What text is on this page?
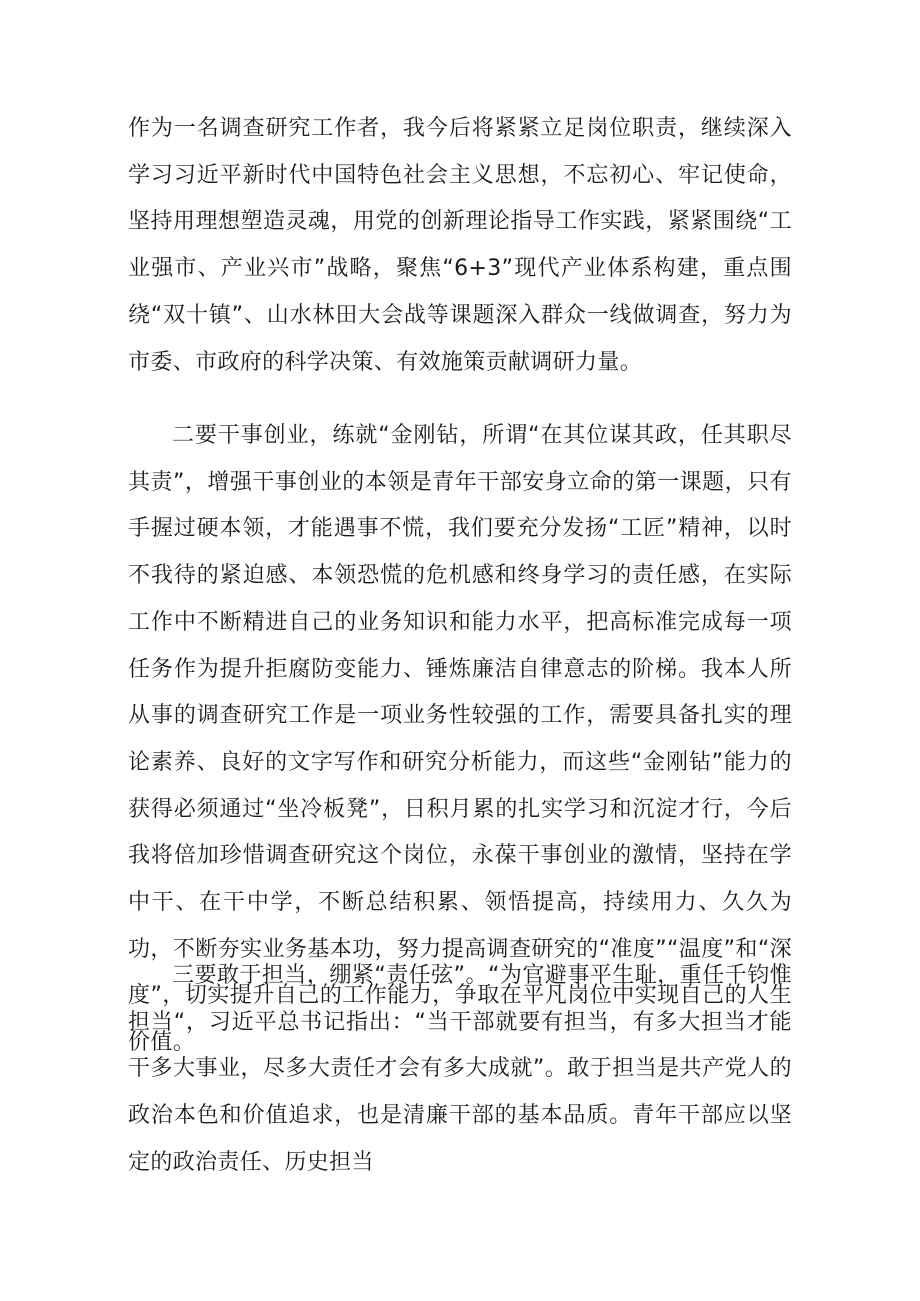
作为一名调查研究工作者，我今后将紧紧立足岗位职责，继续深入学习习近平新时代中国特色社会主义思想，不忘初心、牢记使命，坚持用理想塑造灵魂，用党的创新理论指导工作实践，紧紧围绕“工业强市、产业兴市”战略，聚焦“6+3”现代产业体系构建，重点围绕“双十镇”、山水林田大会战等课题深入群众一线做调查，努力为市委、市政府的科学决策、有效施策贡献调研力量。

二要干事创业，练就“金刚钻，所谓“在其位谋其政，任其职尽其责”，增强干事创业的本领是青年干部安身立命的第一课题，只有手握过硬本领，才能遇事不慌，我们要充分发扬“工匠”精神，以时不我待的紧迫感、本领恐慌的危机感和终身学习的责任感，在实际工作中不断精进自己的业务知识和能力水平，把高标准完成每一项任务作为提升拒腐防变能力、锤炼廉洁自律意志的阶梯。我本人所从事的调查研究工作是一项业务性较强的工作，需要具备扎实的理论素养、良好的文字写作和研究分析能力，而这些“金刚钻”能力的获得必须通过“坐冷板凳”，日积月累的扎实学习和沉淀才行，今后我将倍加珍惜调查研究这个岗位，永葆干事创业的激情，坚持在学中干、在干中学，不断总结积累、领悟提高，持续用力、久久为功，不断夯实业务基本功，努力提高调查研究的“准度”“温度”和“深度”，切实提升自己的工作能力，争取在平凡岗位中实现自己的人生价值。

三要敢于担当，绷紧“责任弦”。“为官避事平生耻，重任千钧惟担当“，习近平总书记指出：“当干部就要有担当，有多大担当才能干多大事业，尽多大责任才会有多大成就”。敢于担当是共产党人的政治本色和价值追求，也是清廉干部的基本品质。青年干部应以坚定的政治责任、历史担当
